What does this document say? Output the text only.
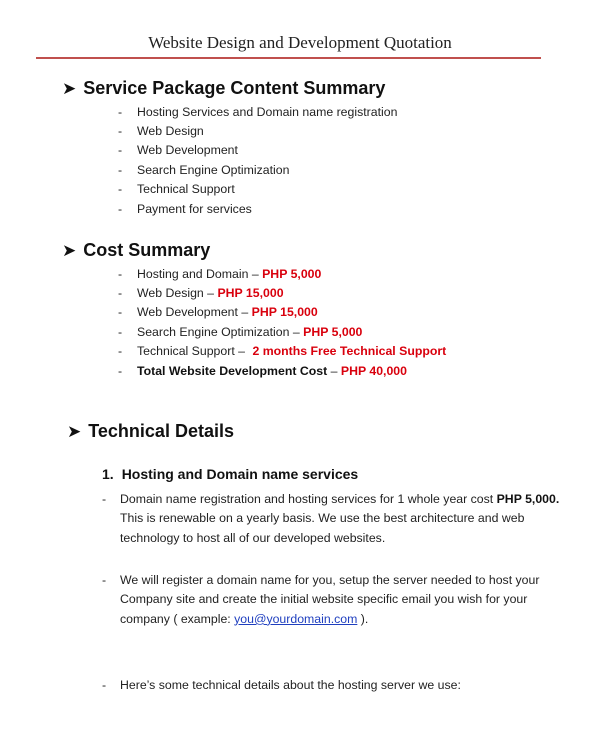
Website Design and Development Quotation
➤ Service Package Content Summary
-	Hosting Services and Domain name registration
-	Web Design
-	Web Development
-	Search Engine Optimization
-	Technical Support
-	Payment for services
➤ Cost Summary
-	Hosting and Domain – PHP 5,000
-	Web Design – PHP 15,000
-	Web Development – PHP 15,000
-	Search Engine Optimization – PHP 5,000
-	Technical Support – 2 months Free Technical Support
-	Total Website Development Cost – PHP 40,000
➤ Technical Details
1. Hosting and Domain name services
- Domain name registration and hosting services for 1 whole year cost PHP 5,000. This is renewable on a yearly basis. We use the best architecture and web technology to host all of our developed websites.
- We will register a domain name for you, setup the server needed to host your Company site and create the initial website specific email you wish for your company ( example: you@yourdomain.com ).
- Here’s some technical details about the hosting server we use:
